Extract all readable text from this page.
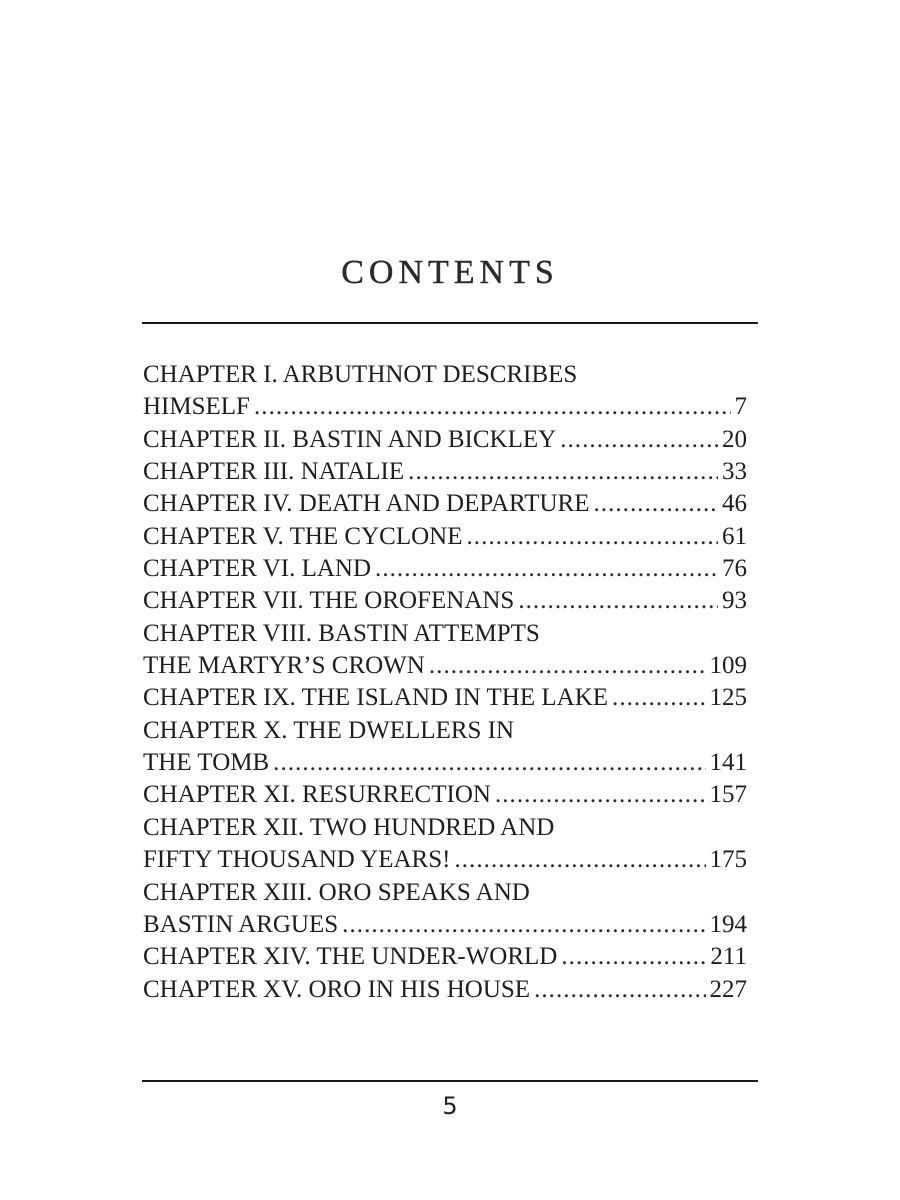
CONTENTS
CHAPTER I. ARBUTHNOT DESCRIBES
HIMSELF . . .	7
CHAPTER II. BASTIN AND BICKLEY . . .	20
CHAPTER III. NATALIE . . .	33
CHAPTER IV. DEATH AND DEPARTURE . . .	46
CHAPTER V. THE CYCLONE . . .	61
CHAPTER VI. LAND . . .	76
CHAPTER VII. THE OROFENANS . . .	93
CHAPTER VIII. BASTIN ATTEMPTS
THE MARTYR’S CROWN . . .	109
CHAPTER IX. THE ISLAND IN THE LAKE . . .	125
CHAPTER X. THE DWELLERS IN
THE TOMB . . .	141
CHAPTER XI. RESURRECTION . . .	157
CHAPTER XII. TWO HUNDRED AND
FIFTY THOUSAND YEARS! . . .	175
CHAPTER XIII. ORO SPEAKS AND
BASTIN ARGUES . . .	194
CHAPTER XIV. THE UNDER-WORLD . . .	211
CHAPTER XV. ORO IN HIS HOUSE . . .	227
5
